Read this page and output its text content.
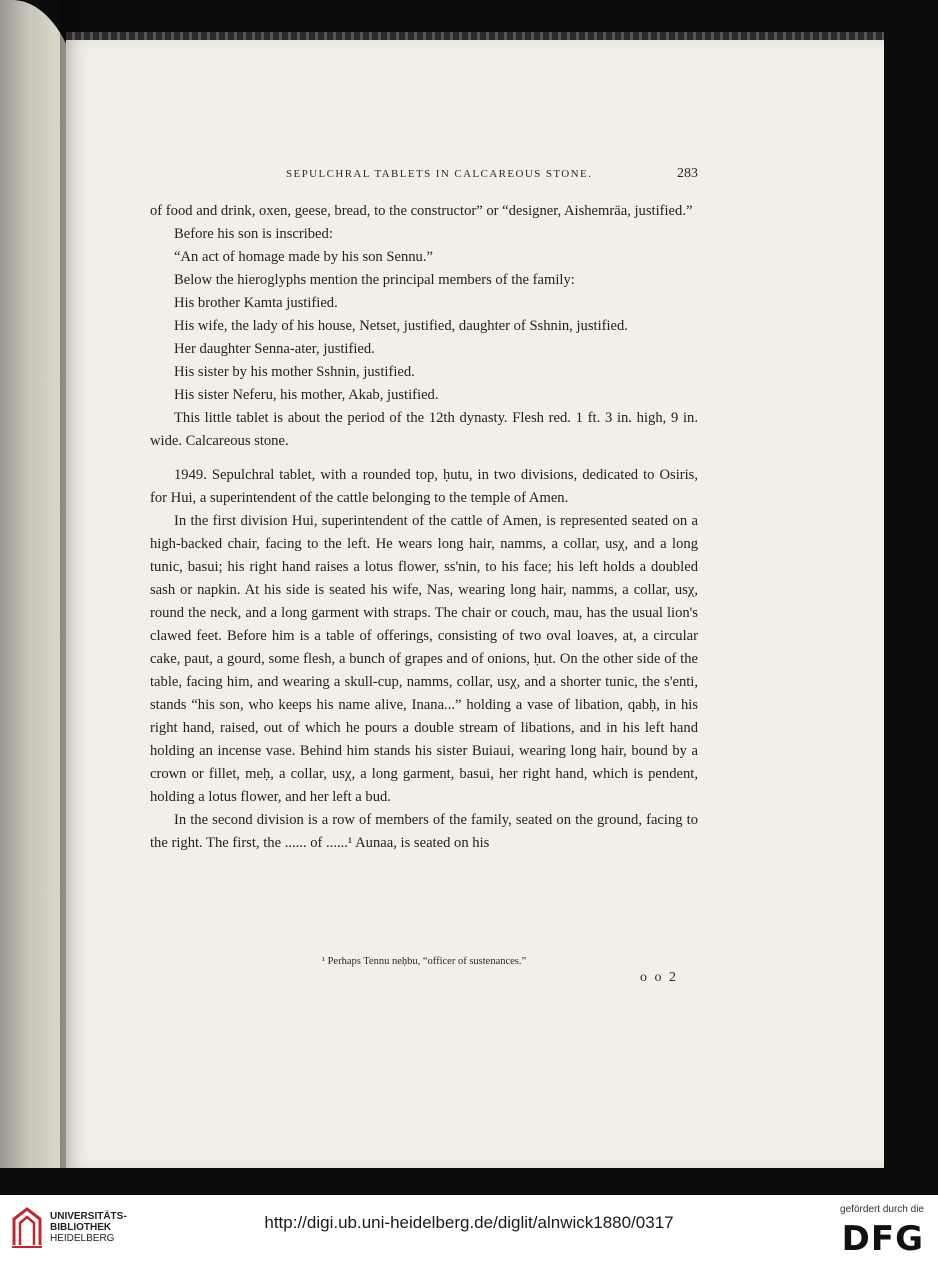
SEPULCHRAL TABLETS IN CALCAREOUS STONE.	283

of food and drink, oxen, geese, bread, to the constructor” or “designer, Aishemräa, justified.”

Before his son is inscribed:

“An act of homage made by his son Sennu.”

Below the hieroglyphs mention the principal members of the family:

His brother Kamta justified.

His wife, the lady of his house, Netset, justified, daughter of Sshnin, justified.

Her daughter Senna-ater, justified.

His sister by his mother Sshnin, justified.

His sister Neferu, his mother, Akab, justified.

This little tablet is about the period of the 12th dynasty. Flesh red. 1 ft. 3 in. high, 9 in. wide. Calcareous stone.

1949. Sepulchral tablet, with a rounded top, ḥutu, in two divisions, dedicated to Osiris, for Hui, a superintendent of the cattle belonging to the temple of Amen.

In the first division Hui, superintendent of the cattle of Amen, is represented seated on a high-backed chair, facing to the left. He wears long hair, namms, a collar, usχ, and a long tunic, basui; his right hand raises a lotus flower, ss'nin, to his face; his left holds a doubled sash or napkin. At his side is seated his wife, Nas, wearing long hair, namms, a collar, usχ, round the neck, and a long garment with straps. The chair or couch, mau, has the usual lion's clawed feet. Before him is a table of offerings, consisting of two oval loaves, at, a circular cake, paut, a gourd, some flesh, a bunch of grapes and of onions, ḥut. On the other side of the table, facing him, and wearing a skull-cup, namms, collar, usχ, and a shorter tunic, the s'enti, stands “his son, who keeps his name alive, Inana...” holding a vase of libation, qabḥ, in his right hand, raised, out of which he pours a double stream of libations, and in his left hand holding an incense vase. Behind him stands his sister Buiaui, wearing long hair, bound by a crown or fillet, meḥ, a collar, usχ, a long garment, basui, her right hand, which is pendent, holding a lotus flower, and her left a bud.

In the second division is a row of members of the family, seated on the ground, facing to the right. The first, the ...... of ......¹ Aunaa, is seated on his

¹ Perhaps Tennu neḥbu, “officer of sustenances.”
o o 2
UNIVERSITÄTS-
BIBLIOTHEK
HEIDELBERG
http://digi.ub.uni-heidelberg.de/diglit/alnwick1880/0317
gefördert durch die
DFG
